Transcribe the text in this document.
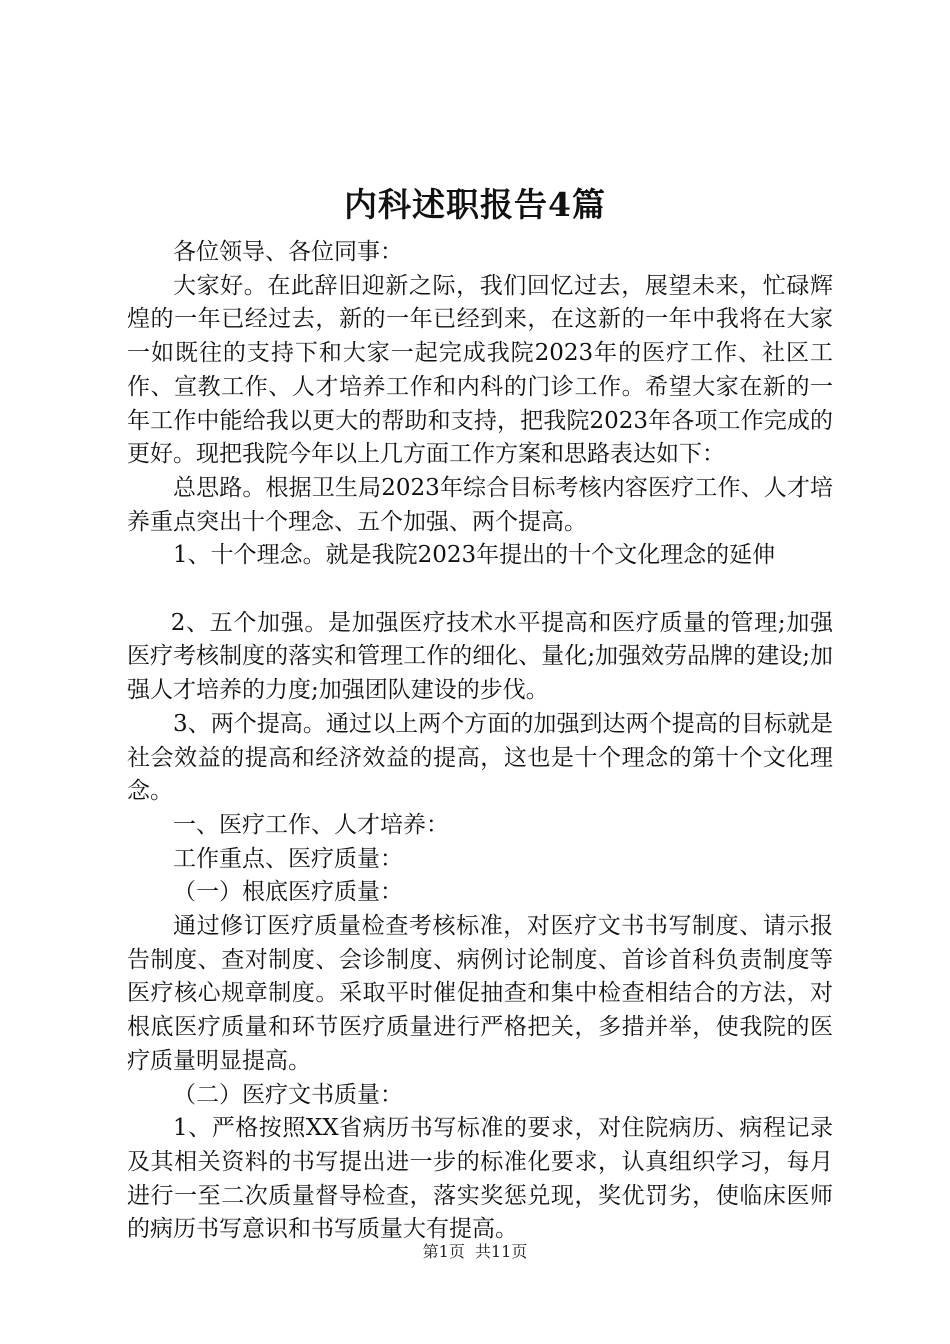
内科述职报告4篇

各位领导、各位同事：

大家好。在此辞旧迎新之际，我们回忆过去，展望未来，忙碌辉煌的一年已经过去，新的一年已经到来，在这新的一年中我将在大家一如既往的支持下和大家一起完成我院2023年的医疗工作、社区工作、宣教工作、人才培养工作和内科的门诊工作。希望大家在新的一年工作中能给我以更大的帮助和支持，把我院2023年各项工作完成的更好。现把我院今年以上几方面工作方案和思路表达如下：

总思路。根据卫生局2023年综合目标考核内容医疗工作、人才培养重点突出十个理念、五个加强、两个提高。

1、十个理念。就是我院2023年提出的十个文化理念的延伸

2、五个加强。是加强医疗技术水平提高和医疗质量的管理;加强医疗考核制度的落实和管理工作的细化、量化;加强效劳品牌的建设;加强人才培养的力度;加强团队建设的步伐。

3、两个提高。通过以上两个方面的加强到达两个提高的目标就是社会效益的提高和经济效益的提高，这也是十个理念的第十个文化理念。

一、医疗工作、人才培养：

工作重点、医疗质量：

（一）根底医疗质量：

通过修订医疗质量检查考核标准，对医疗文书书写制度、请示报告制度、查对制度、会诊制度、病例讨论制度、首诊首科负责制度等医疗核心规章制度。采取平时催促抽查和集中检查相结合的方法，对根底医疗质量和环节医疗质量进行严格把关，多措并举，使我院的医疗质量明显提高。

（二）医疗文书质量：

1、严格按照XX省病历书写标准的要求，对住院病历、病程记录及其相关资料的书写提出进一步的标准化要求，认真组织学习，每月进行一至二次质量督导检查，落实奖惩兑现，奖优罚劣，使临床医师的病历书写意识和书写质量大有提高。

第1页  共11页
